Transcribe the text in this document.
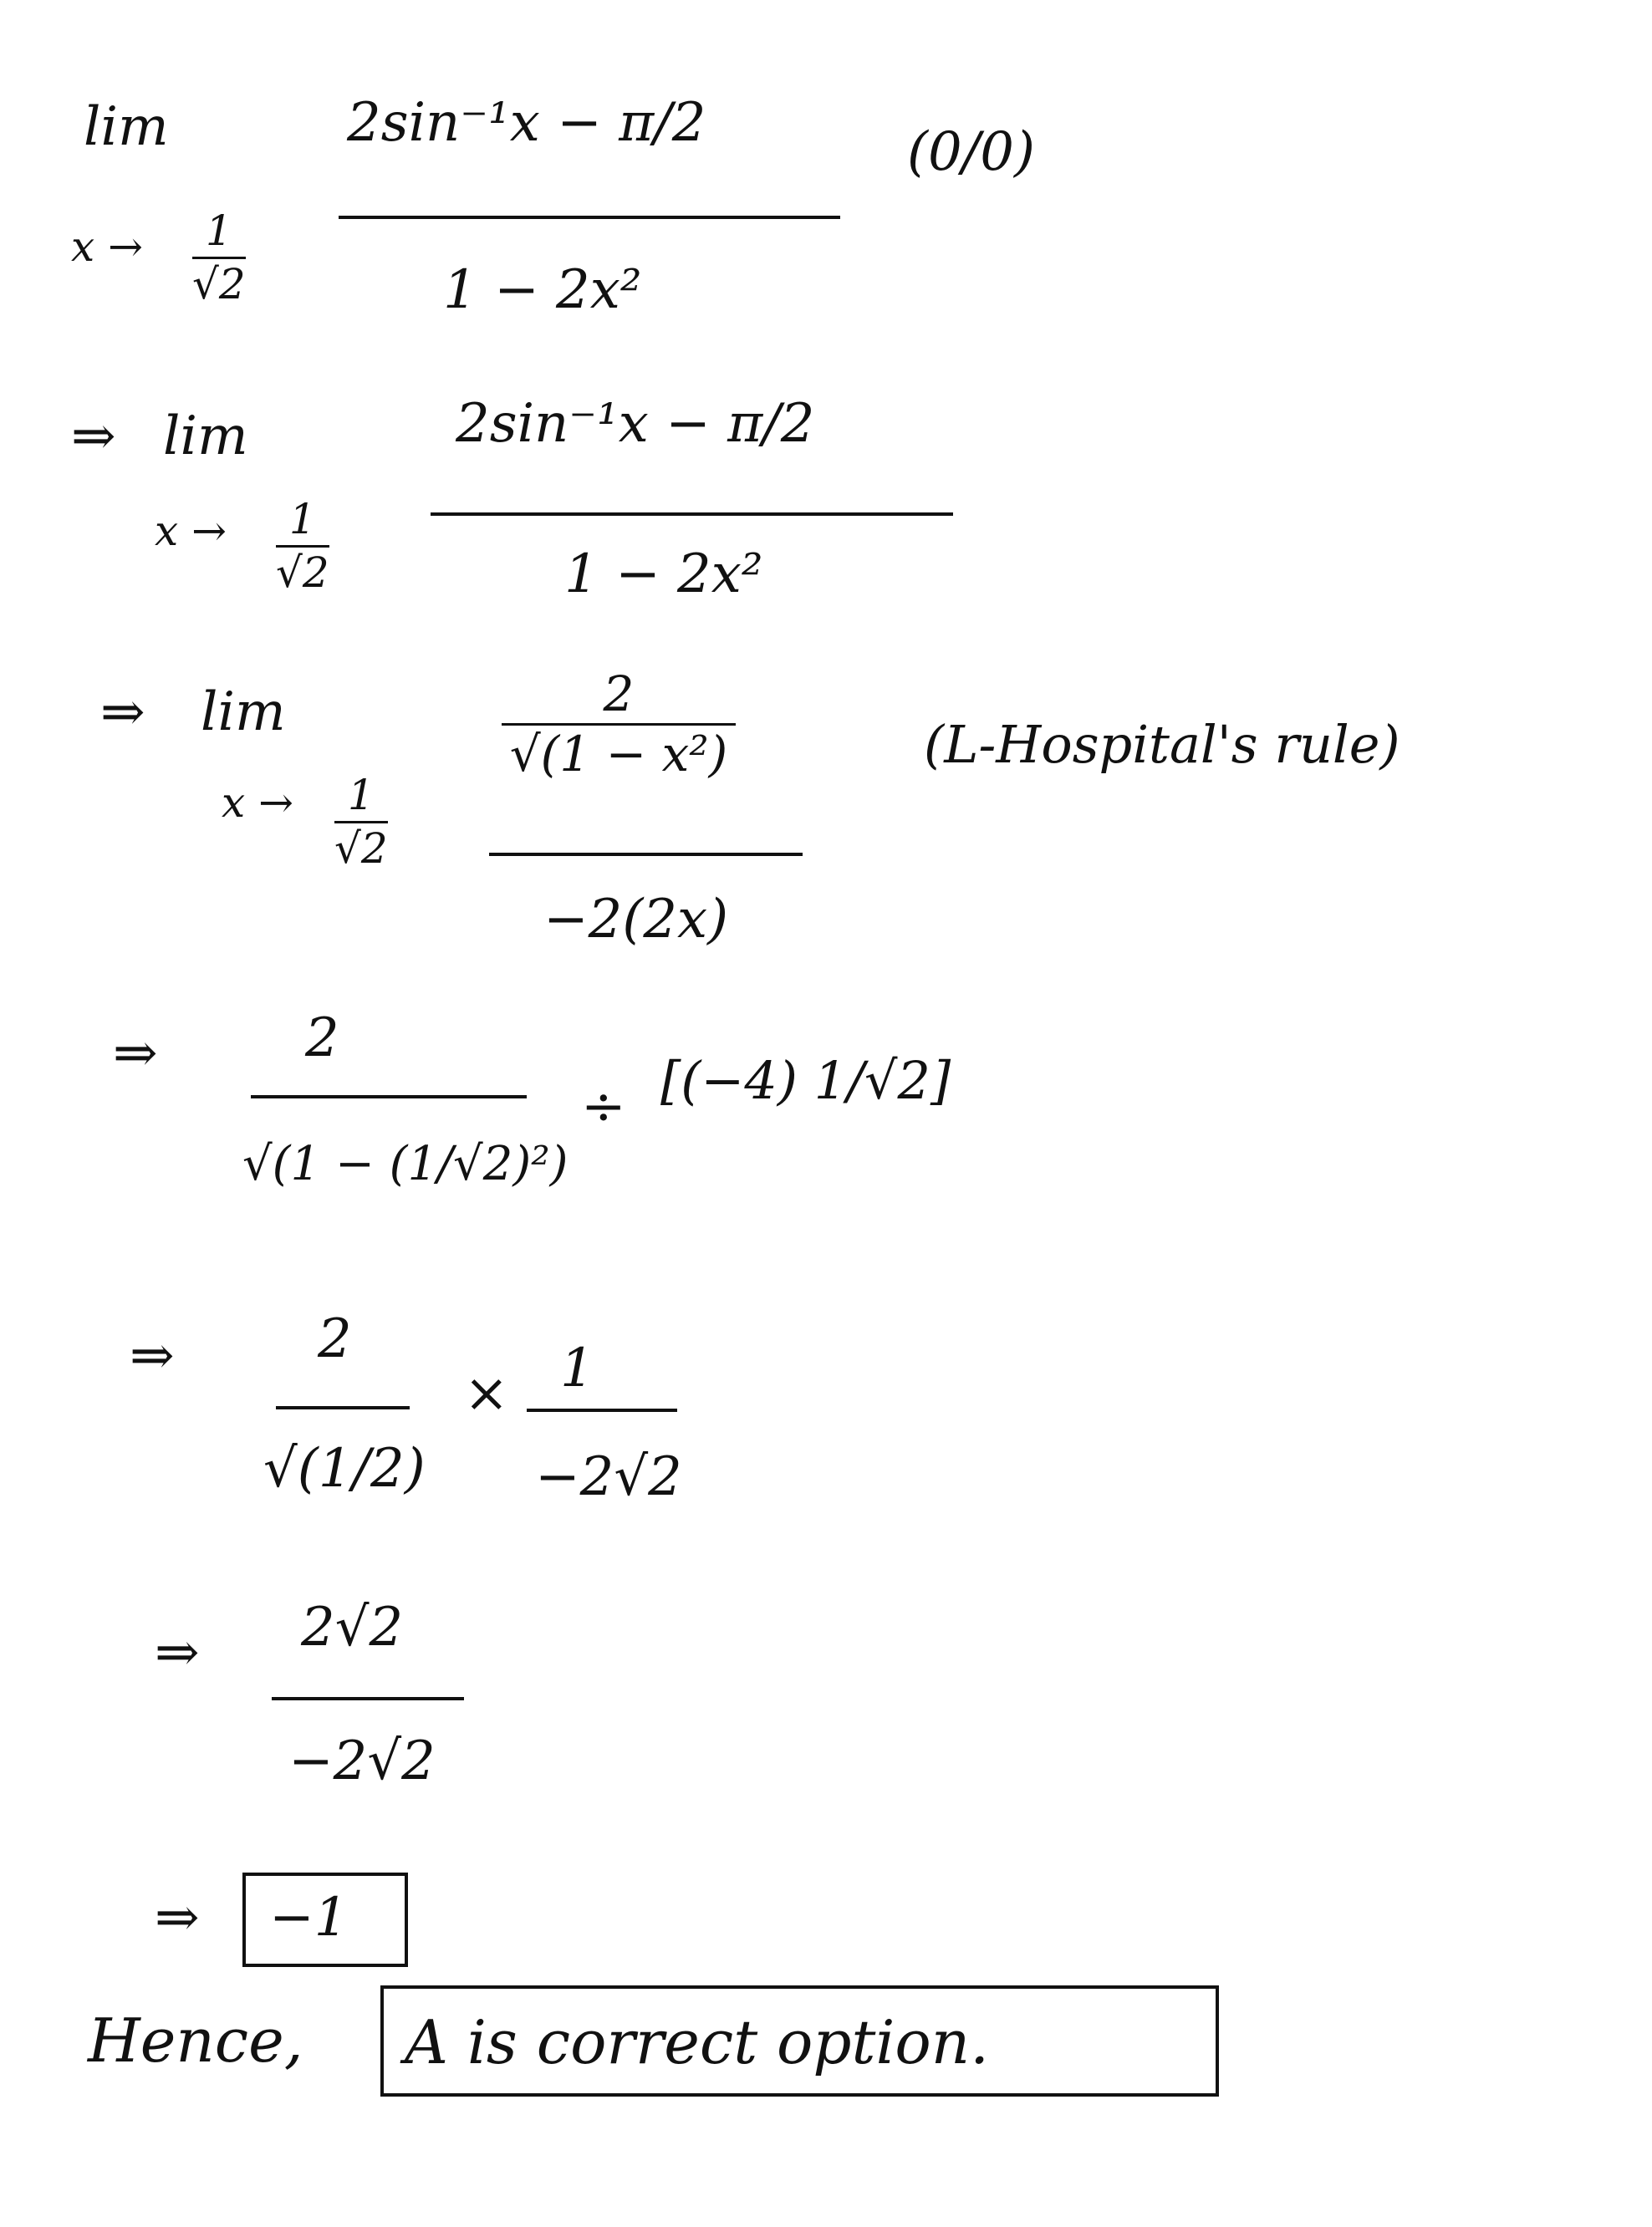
lim
x → 1
√2
2sin⁻¹x − π/2
1 − 2x²
(0/0)
⇒ lim
x → 1
√2
2sin⁻¹x − π/2
1 − 2x²
⇒ lim
x → 1
√2
2
√(1 − x²)
−2(2x)
(L-Hospital's rule)
⇒	2
√(1 − (1/√2)²)
÷ [(−4) 1/√2]
⇒	2
√(1/2)
× 1
−2√2
⇒ 2√2
−2√2
⇒ −1
Hence, A is correct option.
